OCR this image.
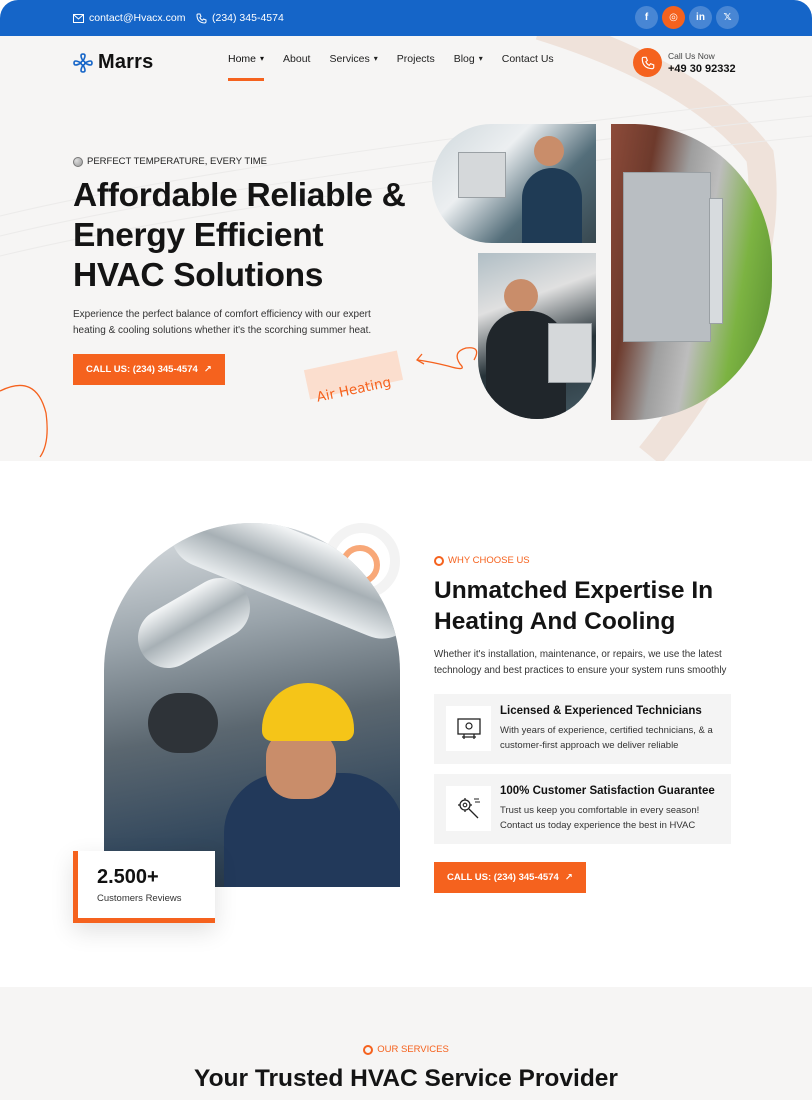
contact@Hvacx.com	(234) 345-4574	f	◎	in	𝕏
Marrs	Home ▾ About Services ▾ Projects Blog ▾ Contact Us	Call Us Now
+49 30 92332
PERFECT TEMPERATURE, EVERY TIME
Affordable Reliable & Energy Efficient HVAC Solutions

Experience the perfect balance of comfort efficiency with our expert heating & cooling solutions whether it's the scorching summer heat.

CALL US: (234) 345-4574 ↗
Air Heating
2.500+
Customers Reviews
WHY CHOOSE US
Unmatched Expertise In Heating And Cooling

Whether it's installation, maintenance, or repairs, we use the latest technology and best practices to ensure your system runs smoothly

Licensed & Experienced Technicians
With years of experience, certified technicians, & a customer-first approach we deliver reliable
100% Customer Satisfaction Guarantee
Trust us keep you comfortable in every season! Contact us today experience the best in HVAC
CALL US: (234) 345-4574 ↗
OUR SERVICES
Your Trusted HVAC Service Provider
